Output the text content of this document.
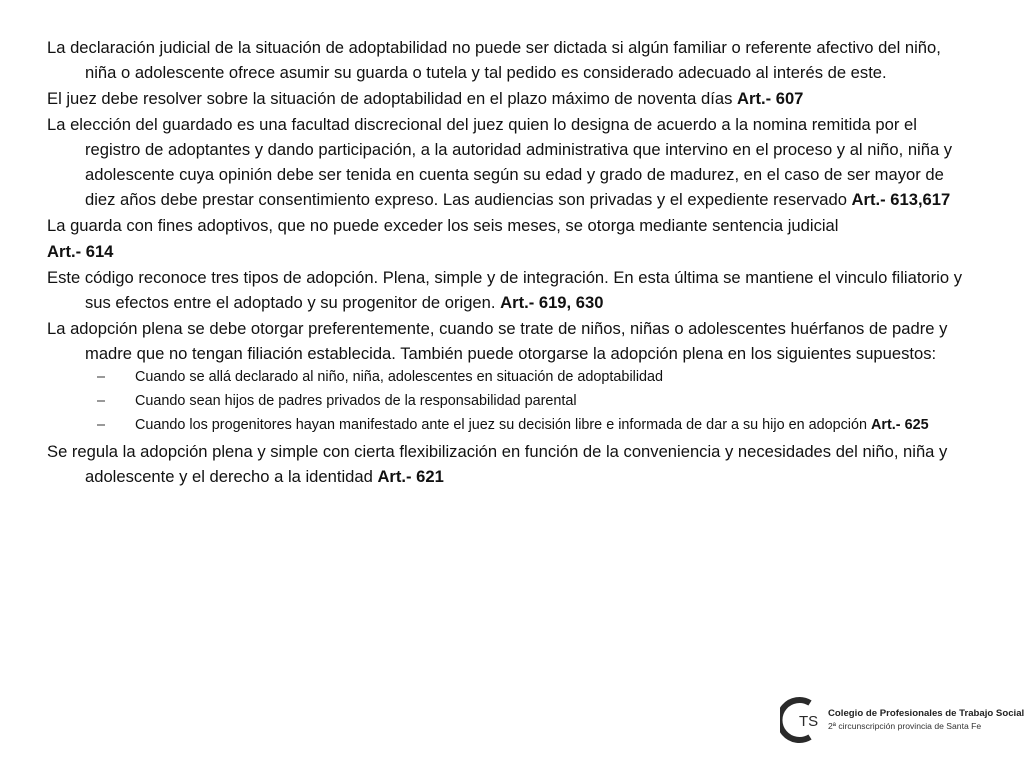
La declaración judicial de la situación de adoptabilidad no puede ser dictada si algún familiar o referente afectivo del niño, niña o adolescente ofrece asumir su guarda o tutela y tal pedido es considerado adecuado al interés de este.

El juez debe resolver sobre la situación de adoptabilidad en el plazo máximo de noventa días Art.- 607

La elección del guardado es una facultad discrecional del juez quien lo designa de acuerdo a la nomina remitida por el registro de adoptantes y dando participación, a la autoridad administrativa que intervino en el proceso y al niño, niña y adolescente cuya opinión debe ser tenida en cuenta según su edad y grado de madurez, en el caso de ser mayor de diez años debe prestar consentimiento expreso. Las audiencias son privadas y el expediente reservado Art.- 613,617

La guarda con fines adoptivos, que no puede exceder los seis meses, se otorga mediante sentencia judicial

Art.- 614

Este código reconoce tres tipos de adopción. Plena, simple y de integración. En esta última se mantiene el vinculo filiatorio y sus efectos entre el adoptado y su progenitor de origen. Art.- 619, 630

La adopción plena se debe otorgar preferentemente, cuando se trate de niños, niñas o adolescentes huérfanos de padre y madre que no tengan filiación establecida. También puede otorgarse la adopción plena en los siguientes supuestos:

– Cuando se allá declarado al niño, niña, adolescentes en situación de adoptabilidad
– Cuando sean hijos de padres privados de la responsabilidad parental
– Cuando los progenitores hayan manifestado ante el juez su decisión libre e informada de dar a su hijo en adopción Art.- 625

Se regula la adopción plena y simple con cierta flexibilización en función de la conveniencia y necesidades del niño, niña y adolescente y el derecho a la identidad Art.- 621

TS Colegio de Profesionales de Trabajo Social
2ª circunscripción provincia de Santa Fe
